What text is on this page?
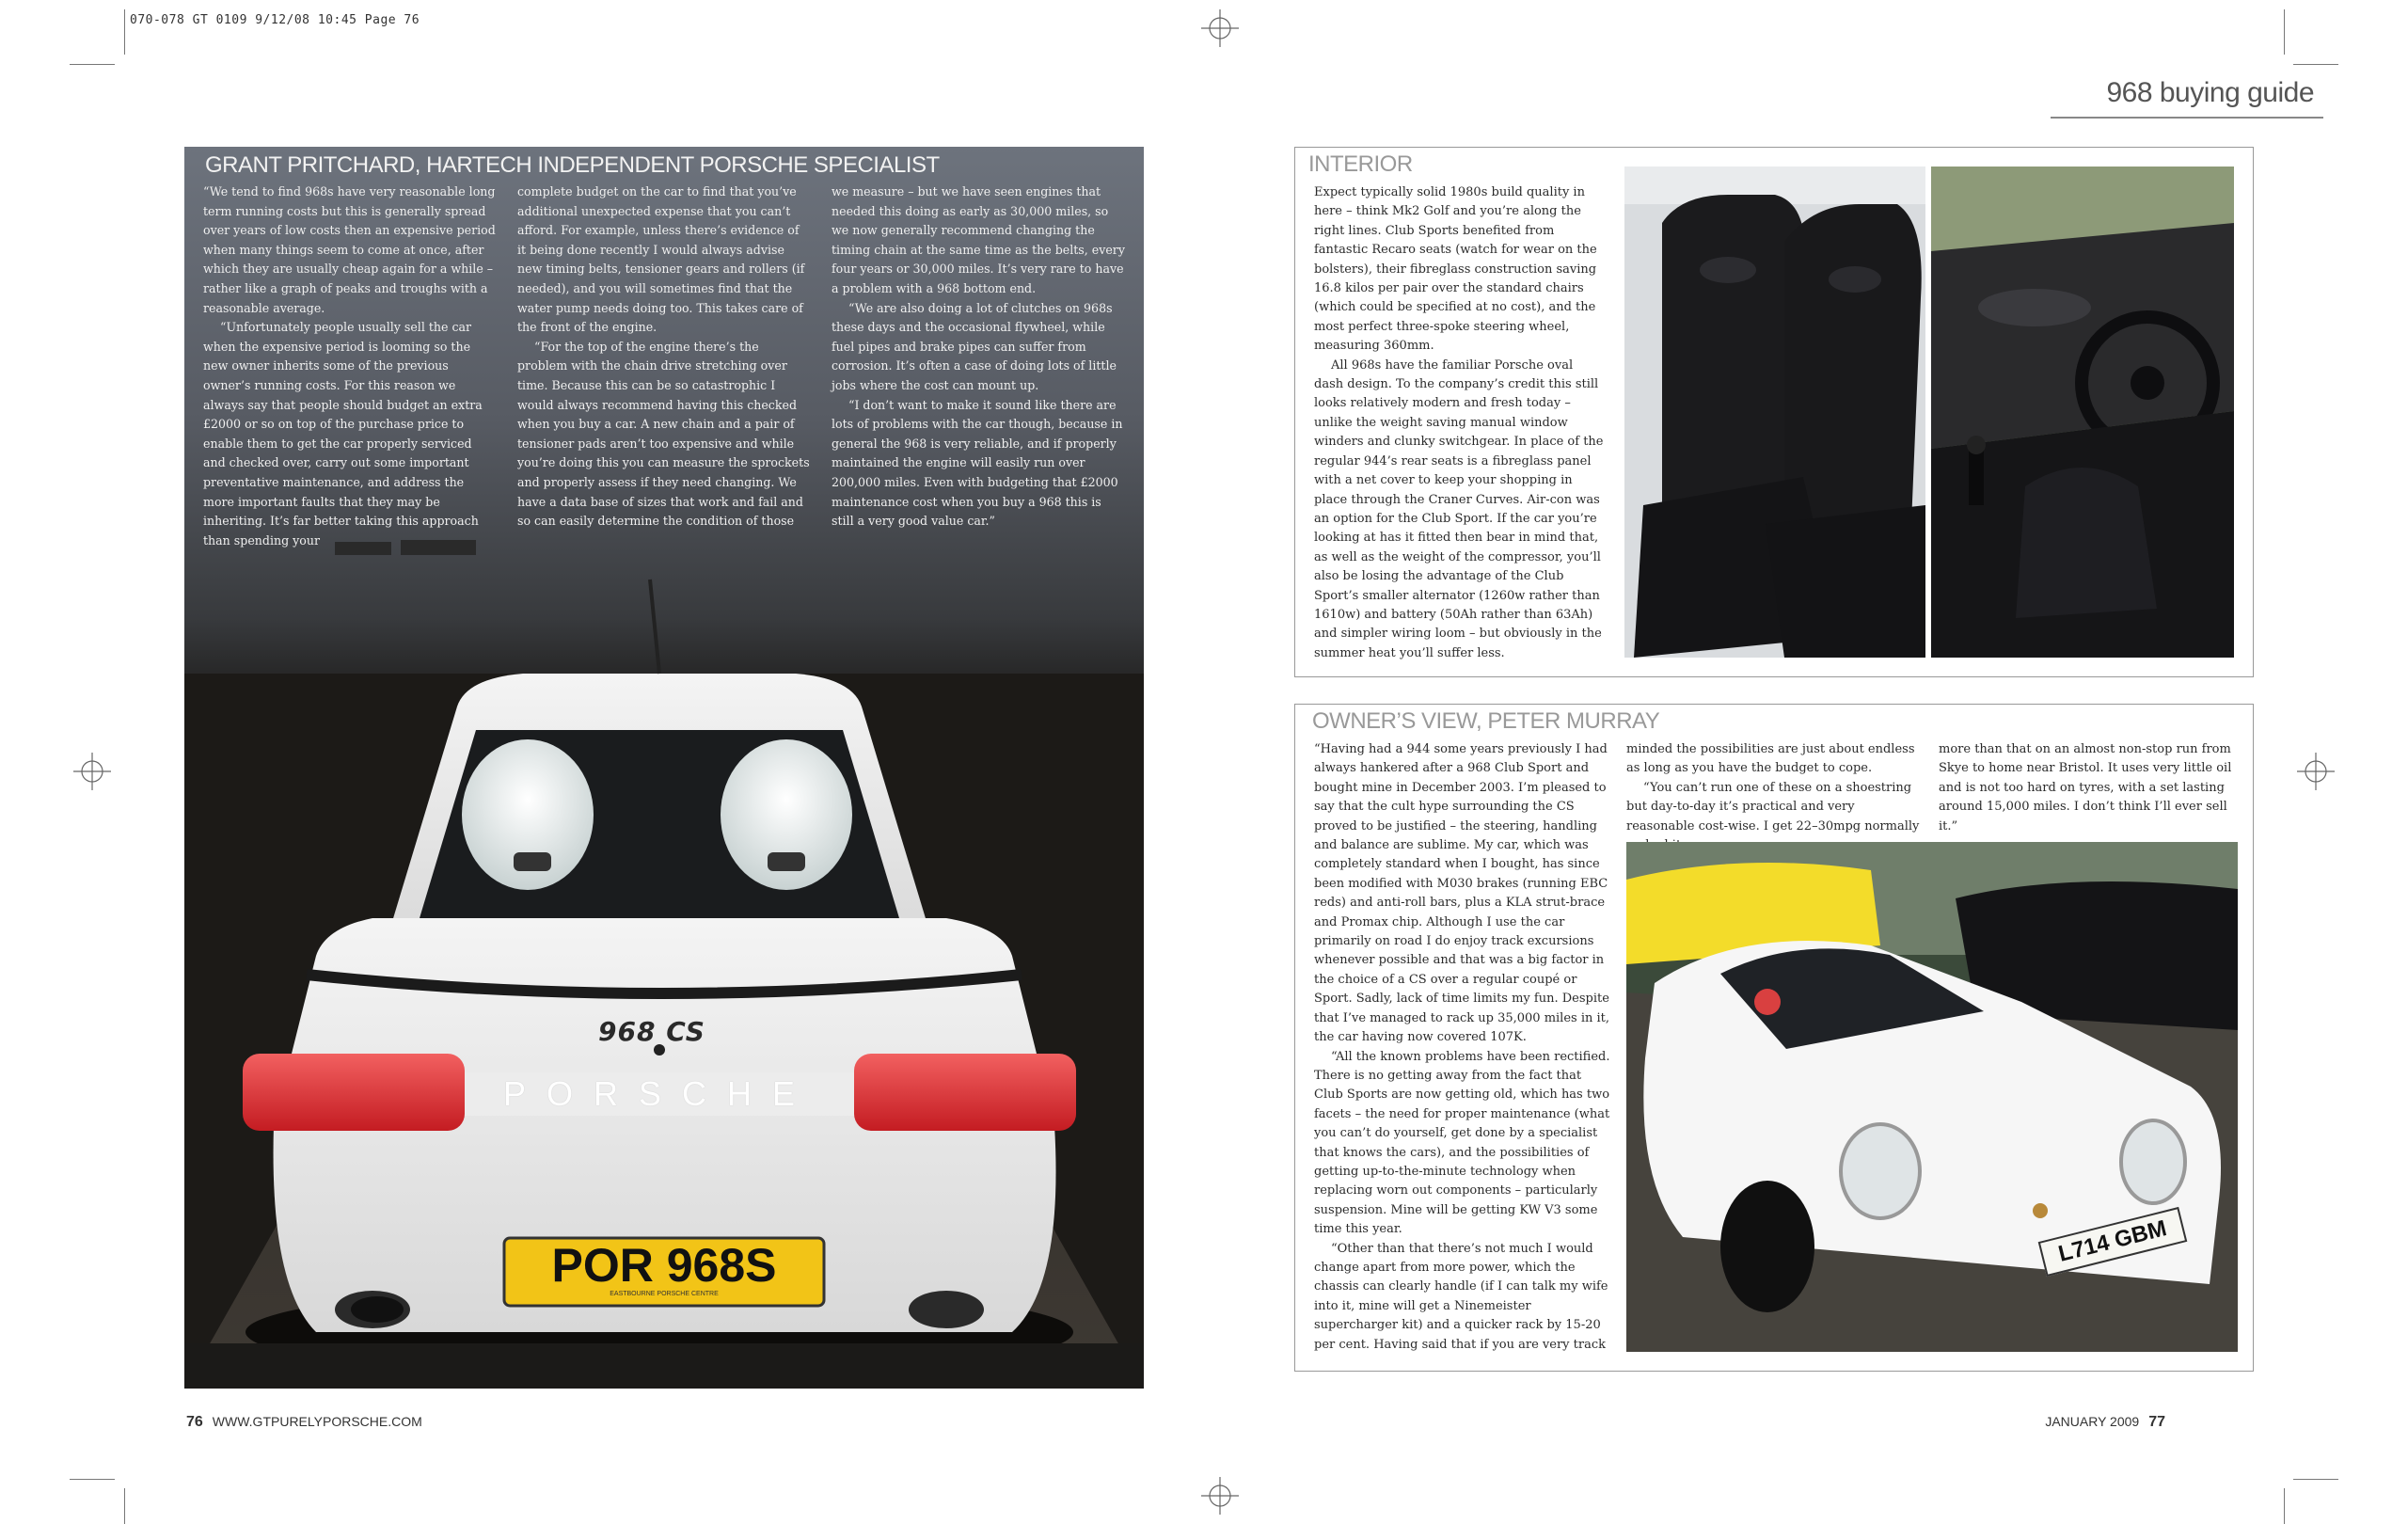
070-078 GT 0109 9/12/08 10:45 Page 76
968 buying guide
GRANT PRITCHARD, HARTECH INDEPENDENT PORSCHE SPECIALIST

“We tend to find 968s have very reasonable long term running costs but this is generally spread over years of low costs then an expensive period when many things seem to come at once, after which they are usually cheap again for a while – rather like a graph of peaks and troughs with a reasonable average.

“Unfortunately people usually sell the car when the expensive period is looming so the new owner inherits some of the previous owner’s running costs. For this reason we always say that people should budget an extra £2000 or so on top of the purchase price to enable them to get the car properly serviced and checked over, carry out some important preventative maintenance, and address the more important faults that they may be inheriting. It’s far better taking this approach than spending your

complete budget on the car to find that you’ve additional unexpected expense that you can’t afford. For example, unless there’s evidence of it being done recently I would always advise new timing belts, tensioner gears and rollers (if needed), and you will sometimes find that the water pump needs doing too. This takes care of the front of the engine.

“For the top of the engine there’s the problem with the chain drive stretching over time. Because this can be so catastrophic I would always recommend having this checked when you buy a car. A new chain and a pair of tensioner pads aren’t too expensive and while you’re doing this you can measure the sprockets and properly assess if they need changing. We have a data base of sizes that work and fail and so can easily determine the condition of those

we measure – but we have seen engines that needed this doing as early as 30,000 miles, so we now generally recommend changing the timing chain at the same time as the belts, every four years or 30,000 miles. It’s very rare to have a problem with a 968 bottom end.

“We are also doing a lot of clutches on 968s these days and the occasional flywheel, while fuel pipes and brake pipes can suffer from corrosion. It’s often a case of doing lots of little jobs where the cost can mount up.

“I don’t want to make it sound like there are lots of problems with the car though, because in general the 968 is very reliable, and if properly maintained the engine will easily run over 200,000 miles. Even with budgeting that £2000 maintenance cost when you buy a 968 this is still a very good value car.”

968 CS
PORSCHE
POR 968S
EASTBOURNE PORSCHE CENTRE
76 WWW.GTPURELYPORSCHE.COM
INTERIOR

Expect typically solid 1980s build quality in here – think Mk2 Golf and you’re along the right lines. Club Sports benefited from fantastic Recaro seats (watch for wear on the bolsters), their fibreglass construction saving 16.8 kilos per pair over the standard chairs (which could be specified at no cost), and the most perfect three-spoke steering wheel, measuring 360mm.

All 968s have the familiar Porsche oval dash design. To the company’s credit this still looks relatively modern and fresh today – unlike the weight saving manual window winders and clunky switchgear. In place of the regular 944’s rear seats is a fibreglass panel with a net cover to keep your shopping in place through the Craner Curves. Air-con was an option for the Club Sport. If the car you’re looking at has it fitted then bear in mind that, as well as the weight of the compressor, you’ll also be losing the advantage of the Club Sport’s smaller alternator (1260w rather than 1610w) and battery (50Ah rather than 63Ah) and simpler wiring loom – but obviously in the summer heat you’ll suffer less.

OWNER’S VIEW, PETER MURRAY

“Having had a 944 some years previously I had always hankered after a 968 Club Sport and bought mine in December 2003. I’m pleased to say that the cult hype surrounding the CS proved to be justified – the steering, handling and balance are sublime. My car, which was completely standard when I bought, has since been modified with M030 brakes (running EBC reds) and anti-roll bars, plus a KLA strut-brace and Promax chip. Although I use the car primarily on road I do enjoy track excursions whenever possible and that was a big factor in the choice of a CS over a regular coupé or Sport. Sadly, lack of time limits my fun. Despite that I’ve managed to rack up 35,000 miles in it, the car having now covered 107K.

“All the known problems have been rectified. There is no getting away from the fact that Club Sports are now getting old, which has two facets – the need for proper maintenance (what you can’t do yourself, get done by a specialist that knows the cars), and the possibilities of getting up-to-the-minute technology when replacing worn out components – particularly suspension. Mine will be getting KW V3 some time this year.

“Other than that there’s not much I would change apart from more power, which the chassis can clearly handle (if I can talk my wife into it, mine will get a Ninemeister supercharger kit) and a quicker rack by 15-20 per cent. Having said that if you are very track

minded the possibilities are just about endless as long as you have the budget to cope.

“You can’t run one of these on a shoestring but day-to-day it’s practical and very reasonable cost-wise. I get 22–30mpg normally

more than that on an almost non-stop run from Skye to home near Bristol. It uses very little oil and is not too hard on tyres, with a set lasting around 15,000 miles. I don’t think I’ll ever sell it.”

L714 GBM
JANUARY 2009 77
